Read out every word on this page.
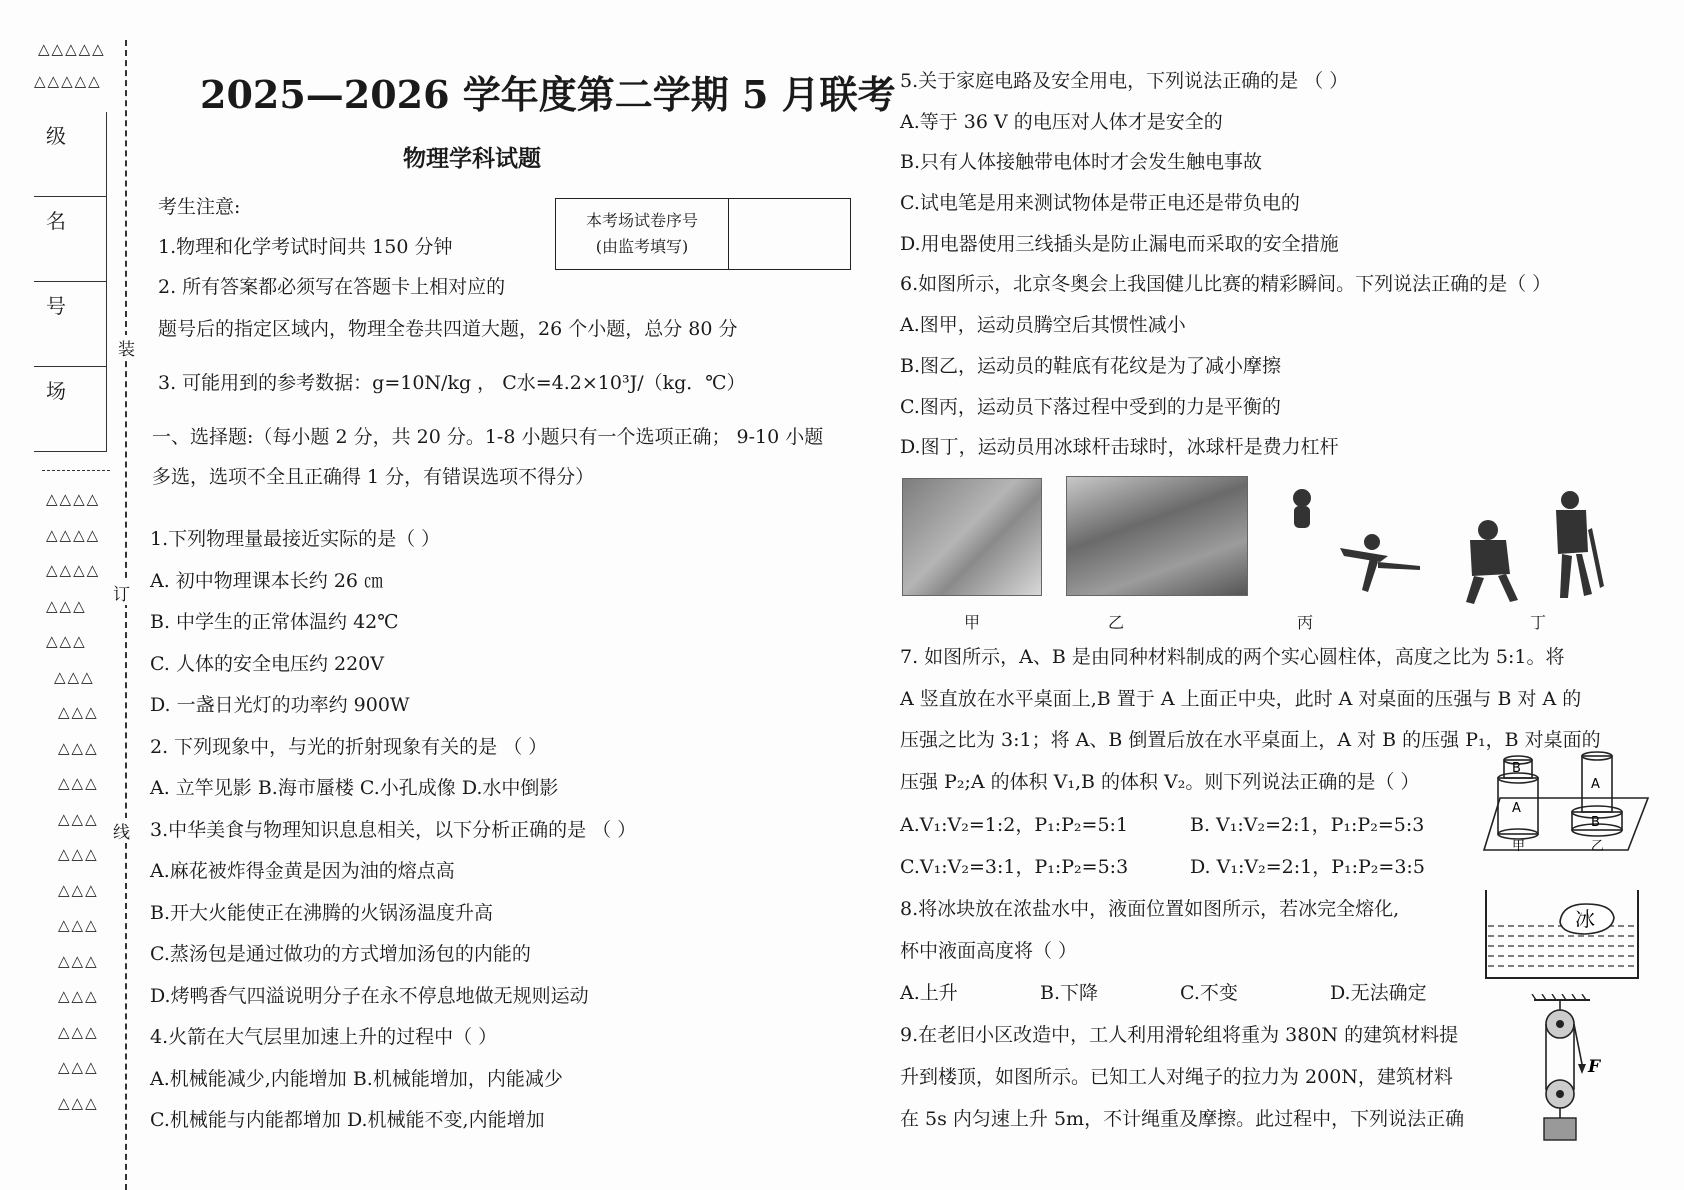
△△△△△
△△△△△
级
名
号
场
装
订
线
△△△△
△△△△
△△△△
△△△
△△△
△△△
△△△
△△△
△△△
△△△
△△△
△△△
△△△
△△△
△△△
△△△
△△△
△△△
2025—2026 学年度第二学期 5 月联考
物理学科试题
本考场试卷序号
(由监考填写)

考生注意:
1.物理和化学考试时间共 150 分钟
2. 所有答案都必须写在答题卡上相对应的
题号后的指定区域内，物理全卷共四道大题，26 个小题，总分 80 分
3. 可能用到的参考数据：g=10N/kg ， C水=4.2×10³J/（kg．℃）
一、选择题:（每小题 2 分，共 20 分。1-8 小题只有一个选项正确； 9-10 小题
多选，选项不全且正确得 1 分，有错误选项不得分）
1.下列物理量最接近实际的是（ ）
A. 初中物理课本长约 26 ㎝
B. 中学生的正常体温约 42℃
C. 人体的安全电压约 220V
D. 一盏日光灯的功率约 900W
2. 下列现象中，与光的折射现象有关的是 （ ）
A. 立竿见影 B.海市蜃楼 C.小孔成像 D.水中倒影
3.中华美食与物理知识息息相关，以下分析正确的是 （ ）
A.麻花被炸得金黄是因为油的熔点高
B.开大火能使正在沸腾的火锅汤温度升高
C.蒸汤包是通过做功的方式增加汤包的内能的
D.烤鸭香气四溢说明分子在永不停息地做无规则运动
4.火箭在大气层里加速上升的过程中（ ）
A.机械能减少,内能增加 B.机械能增加，内能减少
C.机械能与内能都增加 D.机械能不变,内能增加
5.关于家庭电路及安全用电，下列说法正确的是 （ ）
A.等于 36 V 的电压对人体才是安全的
B.只有人体接触带电体时才会发生触电事故
C.试电笔是用来测试物体是带正电还是带负电的
D.用电器使用三线插头是防止漏电而采取的安全措施
6.如图所示，北京冬奥会上我国健儿比赛的精彩瞬间。下列说法正确的是（ ）
A.图甲，运动员腾空后其惯性减小
B.图乙，运动员的鞋底有花纹是为了减小摩擦
C.图丙，运动员下落过程中受到的力是平衡的
D.图丁，运动员用冰球杆击球时，冰球杆是费力杠杆
甲	乙	丙	丁
7. 如图所示，A、B 是由同种材料制成的两个实心圆柱体，高度之比为 5:1。将
A 竖直放在水平桌面上,B 置于 A 上面正中央，此时 A 对桌面的压强与 B 对 A 的
压强之比为 3:1；将 A、B 倒置后放在水平桌面上，A 对 B 的压强 P₁，B 对桌面的
压强 P₂;A 的体积 V₁,B 的体积 V₂。则下列说法正确的是（ ）
A.V₁:V₂=1:2，P₁:P₂=5:1	B. V₁:V₂=2:1，P₁:P₂=5:3
C.V₁:V₂=3:1，P₁:P₂=5:3	D. V₁:V₂=2:1，P₁:P₂=3:5
B
A
A
B
甲	乙
8.将冰块放在浓盐水中，液面位置如图所示，若冰完全熔化,
杯中液面高度将（ ）
A.上升	B.下降	C.不变	D.无法确定
冰
9.在老旧小区改造中，工人利用滑轮组将重为 380N 的建筑材料提
升到楼顶，如图所示。已知工人对绳子的拉力为 200N，建筑材料
在 5s 内匀速上升 5m，不计绳重及摩擦。此过程中，下列说法正确
F
